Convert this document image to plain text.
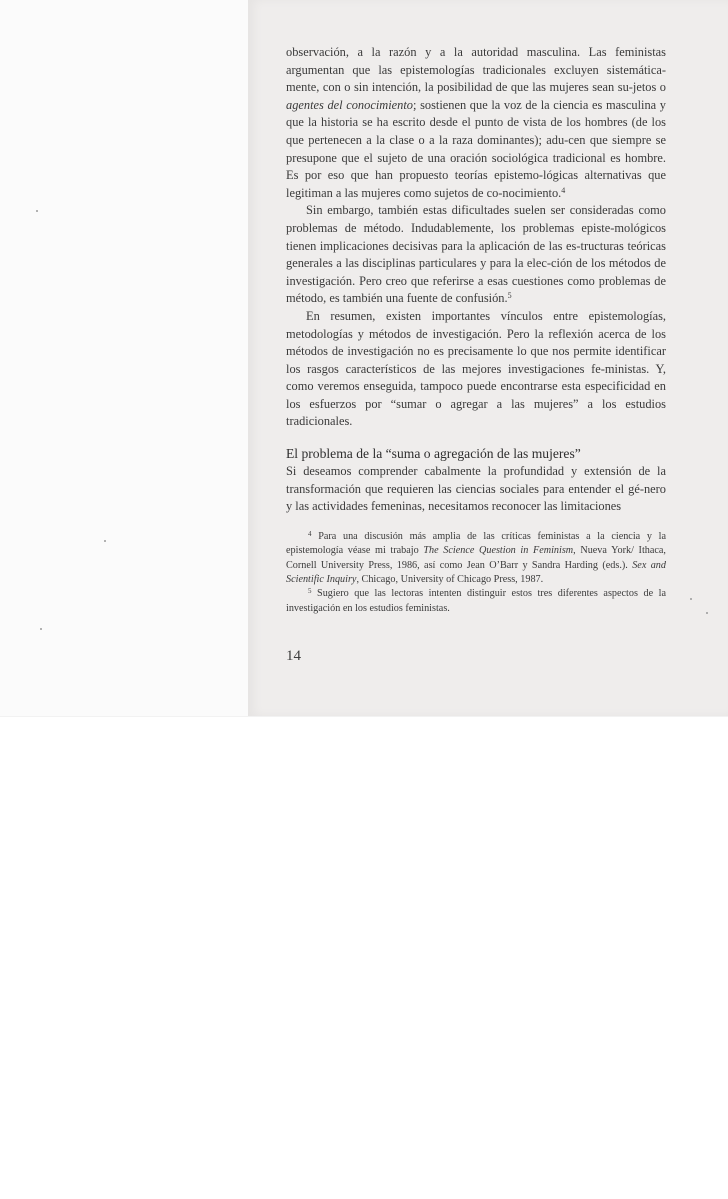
observación, a la razón y a la autoridad masculina. Las feministas argumentan que las epistemologías tradicionales excluyen sistemática-mente, con o sin intención, la posibilidad de que las mujeres sean su-jetos o agentes del conocimiento; sostienen que la voz de la ciencia es masculina y que la historia se ha escrito desde el punto de vista de los hombres (de los que pertenecen a la clase o a la raza dominantes); adu-cen que siempre se presupone que el sujeto de una oración sociológica tradicional es hombre. Es por eso que han propuesto teorías epistemo-lógicas alternativas que legitiman a las mujeres como sujetos de co-nocimiento.$^4$

Sin embargo, también estas dificultades suelen ser consideradas como problemas de método. Indudablemente, los problemas episte-mológicos tienen implicaciones decisivas para la aplicación de las es-tructuras teóricas generales a las disciplinas particulares y para la elec-ción de los métodos de investigación. Pero creo que referirse a esas cuestiones como problemas de método, es también una fuente de confusión.$^5$

En resumen, existen importantes vínculos entre epistemologías, metodologías y métodos de investigación. Pero la reflexión acerca de los métodos de investigación no es precisamente lo que nos permite identificar los rasgos característicos de las mejores investigaciones fe-ministas. Y, como veremos enseguida, tampoco puede encontrarse esta especificidad en los esfuerzos por “sumar o agregar a las mujeres” a los estudios tradicionales.

El problema de la “suma o agregación de las mujeres”

Si deseamos comprender cabalmente la profundidad y extensión de la transformación que requieren las ciencias sociales para entender el gé-nero y las actividades femeninas, necesitamos reconocer las limitaciones

$^4$ Para una discusión más amplia de las críticas feministas a la ciencia y la epistemología véase mi trabajo The Science Question in Feminism, Nueva York/ Ithaca, Cornell University Press, 1986, así como Jean O’Barr y Sandra Harding (eds.). Sex and Scientific Inquiry, Chicago, University of Chicago Press, 1987.

$^5$ Sugiero que las lectoras intenten distinguir estos tres diferentes aspectos de la investigación en los estudios feministas.

14
